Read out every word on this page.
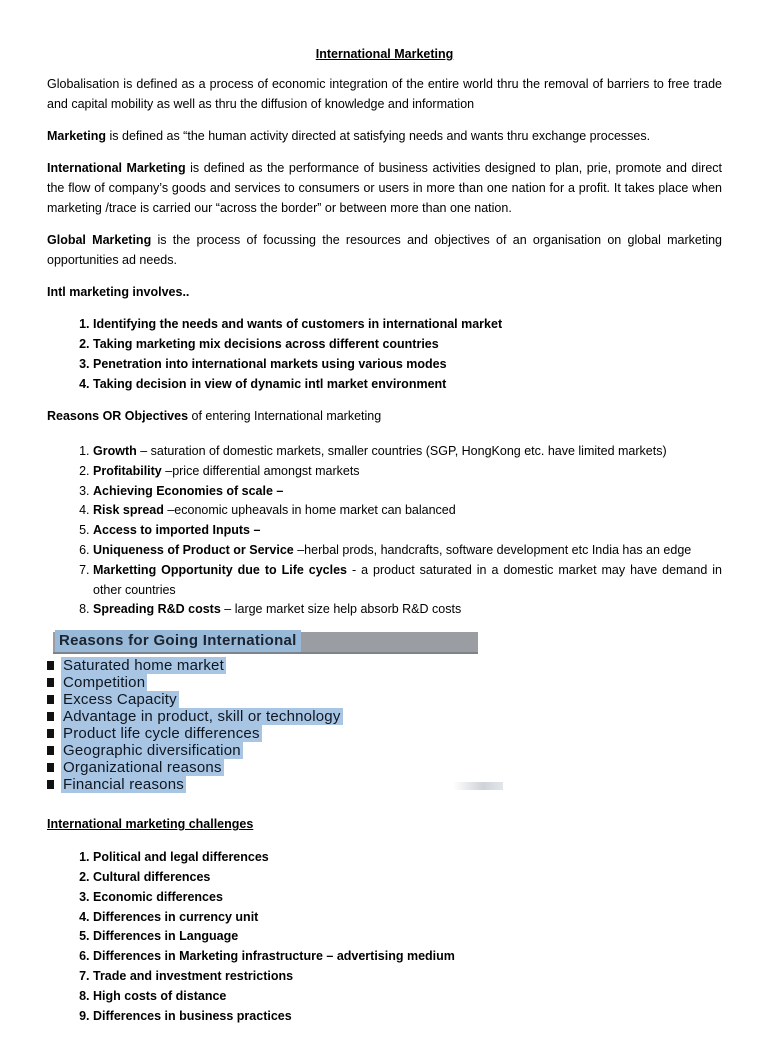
International Marketing

Globalisation is defined as a process of economic integration of the entire world thru the removal of barriers to free trade and capital mobility as well as thru the diffusion of knowledge and information

Marketing is defined as “the human activity directed at satisfying needs and wants thru exchange processes.

International Marketing is defined as the performance of business activities designed to plan, prie, promote and direct the flow of company’s goods and services to consumers or users in more than one nation for a profit. It takes place when marketing /trace is carried our “across the border” or between more than one nation.

Global Marketing is the process of focussing the resources and objectives of an organisation on global marketing opportunities ad needs.

Intl marketing involves..

1. Identifying the needs and wants of customers in international market
2. Taking marketing mix decisions across different countries
3. Penetration into international markets using various modes
4. Taking decision in view of dynamic intl market environment

Reasons OR Objectives of entering International marketing

1. Growth – saturation of domestic markets, smaller countries (SGP, HongKong etc. have limited markets)
2. Profitability –price differential amongst markets
3. Achieving Economies of scale –
4. Risk spread –economic upheavals in home market can balanced
5. Access to imported Inputs –
6. Uniqueness of Product or Service –herbal prods, handcrafts, software development etc India has an edge
7. Marketting Opportunity due to Life cycles - a product saturated in a domestic market may have demand in other countries
8. Spreading R&D costs – large market size help absorb R&D costs
Reasons for Going International
Saturated home market
Competition
Excess Capacity
Advantage in product, skill or technology
Product life cycle differences
Geographic diversification
Organizational reasons
Financial reasons

International marketing challenges

1. Political and legal differences
2. Cultural differences
3. Economic differences
4. Differences in currency unit
5. Differences in Language
6. Differences in Marketing infrastructure – advertising medium
7. Trade and investment restrictions
8. High costs of distance
9. Differences in business practices
